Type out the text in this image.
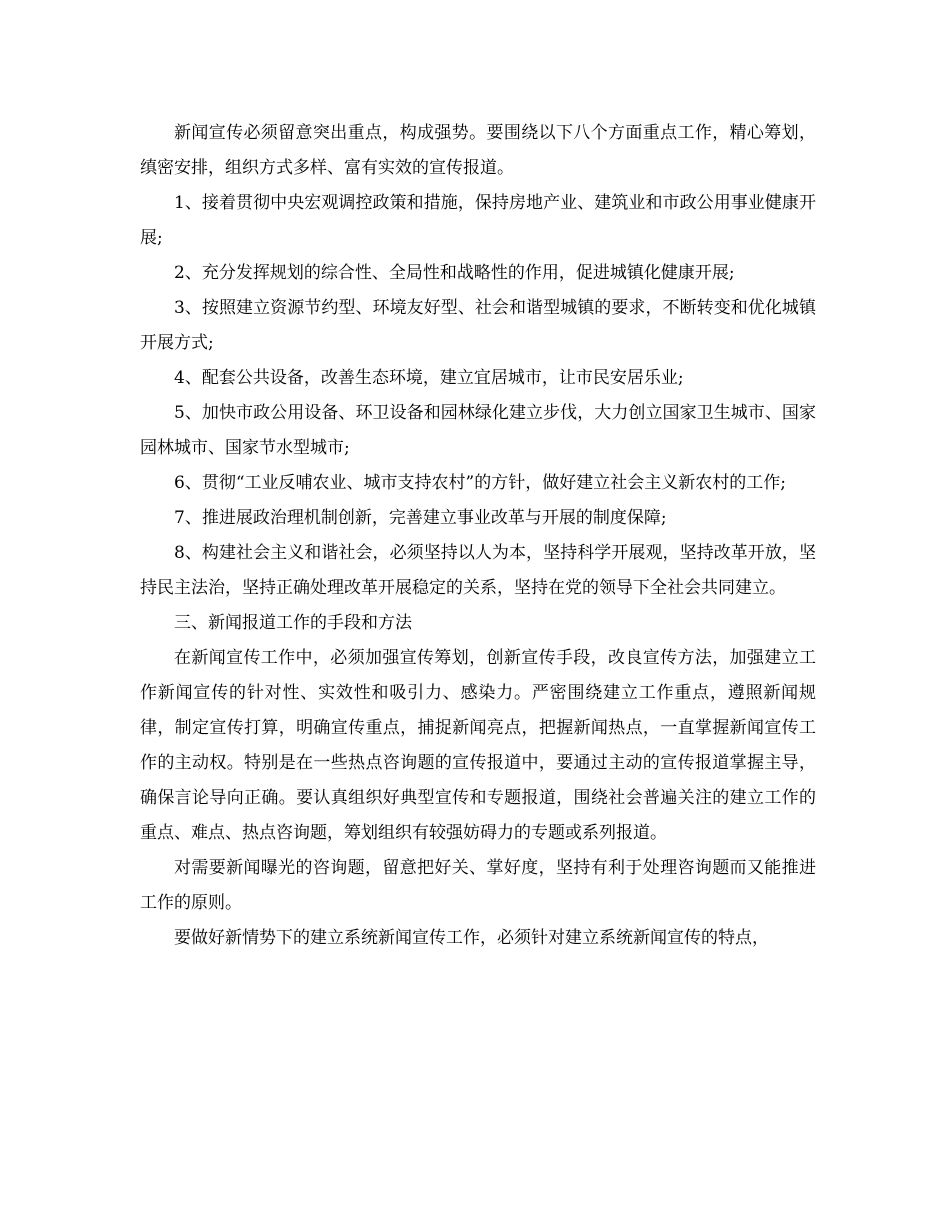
新闻宣传必须留意突出重点，构成强势。要围绕以下八个方面重点工作，精心筹划，缜密安排，组织方式多样、富有实效的宣传报道。

1、接着贯彻中央宏观调控政策和措施，保持房地产业、建筑业和市政公用事业健康开展;

2、充分发挥规划的综合性、全局性和战略性的作用，促进城镇化健康开展;

3、按照建立资源节约型、环境友好型、社会和谐型城镇的要求，不断转变和优化城镇开展方式;

4、配套公共设备，改善生态环境，建立宜居城市，让市民安居乐业;

5、加快市政公用设备、环卫设备和园林绿化建立步伐，大力创立国家卫生城市、国家园林城市、国家节水型城市;

6、贯彻“工业反哺农业、城市支持农村”的方针，做好建立社会主义新农村的工作;

7、推进展政治理机制创新，完善建立事业改革与开展的制度保障;

8、构建社会主义和谐社会，必须坚持以人为本，坚持科学开展观，坚持改革开放，坚持民主法治，坚持正确处理改革开展稳定的关系，坚持在党的领导下全社会共同建立。

三、新闻报道工作的手段和方法

在新闻宣传工作中，必须加强宣传筹划，创新宣传手段，改良宣传方法，加强建立工作新闻宣传的针对性、实效性和吸引力、感染力。严密围绕建立工作重点，遵照新闻规律，制定宣传打算，明确宣传重点，捕捉新闻亮点，把握新闻热点，一直掌握新闻宣传工作的主动权。特别是在一些热点咨询题的宣传报道中，要通过主动的宣传报道掌握主导，确保言论导向正确。要认真组织好典型宣传和专题报道，围绕社会普遍关注的建立工作的重点、难点、热点咨询题，筹划组织有较强妨碍力的专题或系列报道。

对需要新闻曝光的咨询题，留意把好关、掌好度，坚持有利于处理咨询题而又能推进工作的原则。

要做好新情势下的建立系统新闻宣传工作，必须针对建立系统新闻宣传的特点，
